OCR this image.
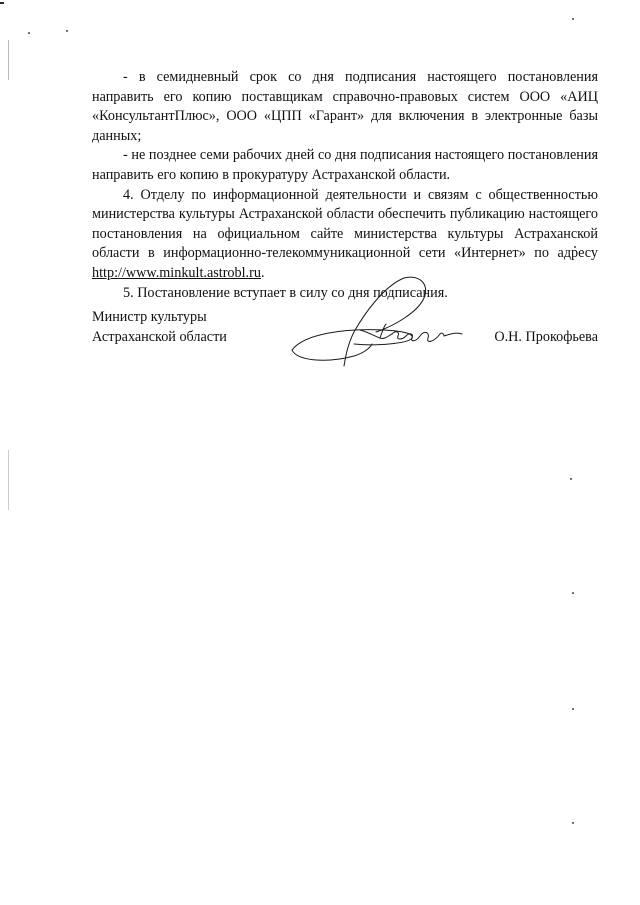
- в семидневный срок со дня подписания настоящего постановления направить его копию поставщикам справочно-правовых систем ООО «АИЦ «КонсультантПлюс», ООО «ЦПП «Гарант» для включения в электронные базы данных;

- не позднее семи рабочих дней со дня подписания настоящего постановления направить его копию в прокуратуру Астраханской области.

4. Отделу по информационной деятельности и связям с общественностью министерства культуры Астраханской области обеспечить публикацию настоящего постановления на официальном сайте министерства культуры Астраханской области в информационно-телекоммуникационной сети «Интернет» по адресу http://www.minkult.astrobl.ru.

5. Постановление вступает в силу со дня подписания.

Министр культуры
Астраханской области	О.Н. Прокофьева
